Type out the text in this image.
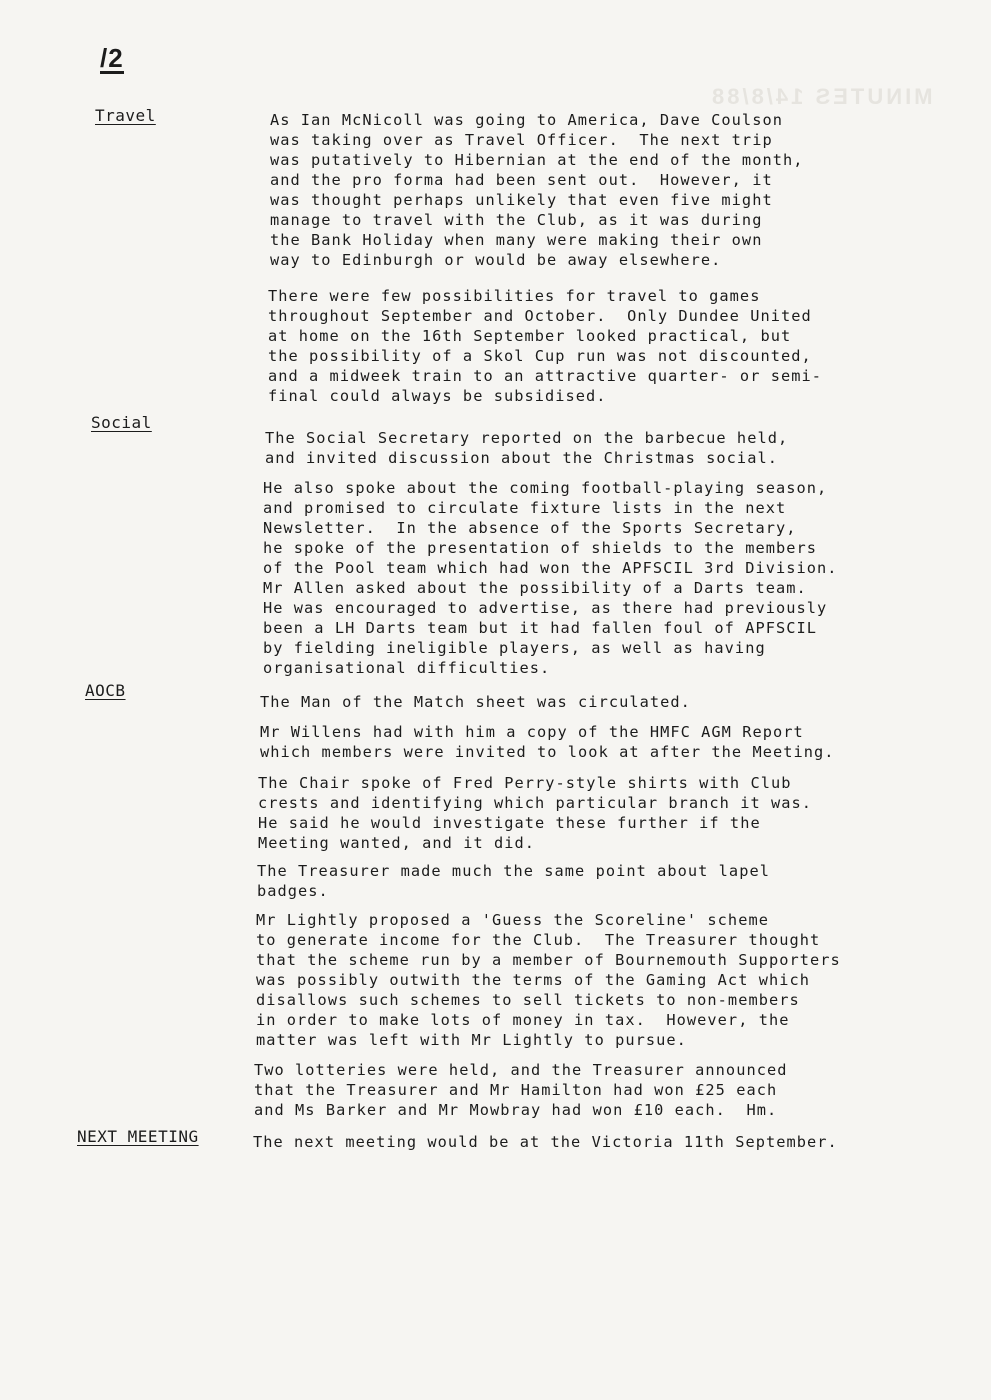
/2
MINUTES 14/8/88
Travel	As Ian McNicoll was going to America, Dave Coulson
was taking over as Travel Officer.  The next trip
was putatively to Hibernian at the end of the month,
and the pro forma had been sent out.  However, it
was thought perhaps unlikely that even five might
manage to travel with the Club, as it was during
the Bank Holiday when many were making their own
way to Edinburgh or would be away elsewhere.

There were few possibilities for travel to games
throughout September and October.  Only Dundee United
at home on the 16th September looked practical, but
the possibility of a Skol Cup run was not discounted,
and a midweek train to an attractive quarter- or semi-
final could always be subsidised.

Social

The Social Secretary reported on the barbecue held,
and invited discussion about the Christmas social.

He also spoke about the coming football-playing season,
and promised to circulate fixture lists in the next
Newsletter.  In the absence of the Sports Secretary,
he spoke of the presentation of shields to the members
of the Pool team which had won the APFSCIL 3rd Division.
Mr Allen asked about the possibility of a Darts team.
He was encouraged to advertise, as there had previously
been a LH Darts team but it had fallen foul of APFSCIL
by fielding ineligible players, as well as having
organisational difficulties.

AOCB

The Man of the Match sheet was circulated.

Mr Willens had with him a copy of the HMFC AGM Report
which members were invited to look at after the Meeting.

The Chair spoke of Fred Perry-style shirts with Club
crests and identifying which particular branch it was.
He said he would investigate these further if the
Meeting wanted, and it did.

The Treasurer made much the same point about lapel
badges.

Mr Lightly proposed a 'Guess the Scoreline' scheme
to generate income for the Club.  The Treasurer thought
that the scheme run by a member of Bournemouth Supporters
was possibly outwith the terms of the Gaming Act which
disallows such schemes to sell tickets to non-members
in order to make lots of money in tax.  However, the
matter was left with Mr Lightly to pursue.

Two lotteries were held, and the Treasurer announced
that the Treasurer and Mr Hamilton had won £25 each
and Ms Barker and Mr Mowbray had won £10 each.  Hm.

NEXT MEETING	The next meeting would be at the Victoria 11th September.
